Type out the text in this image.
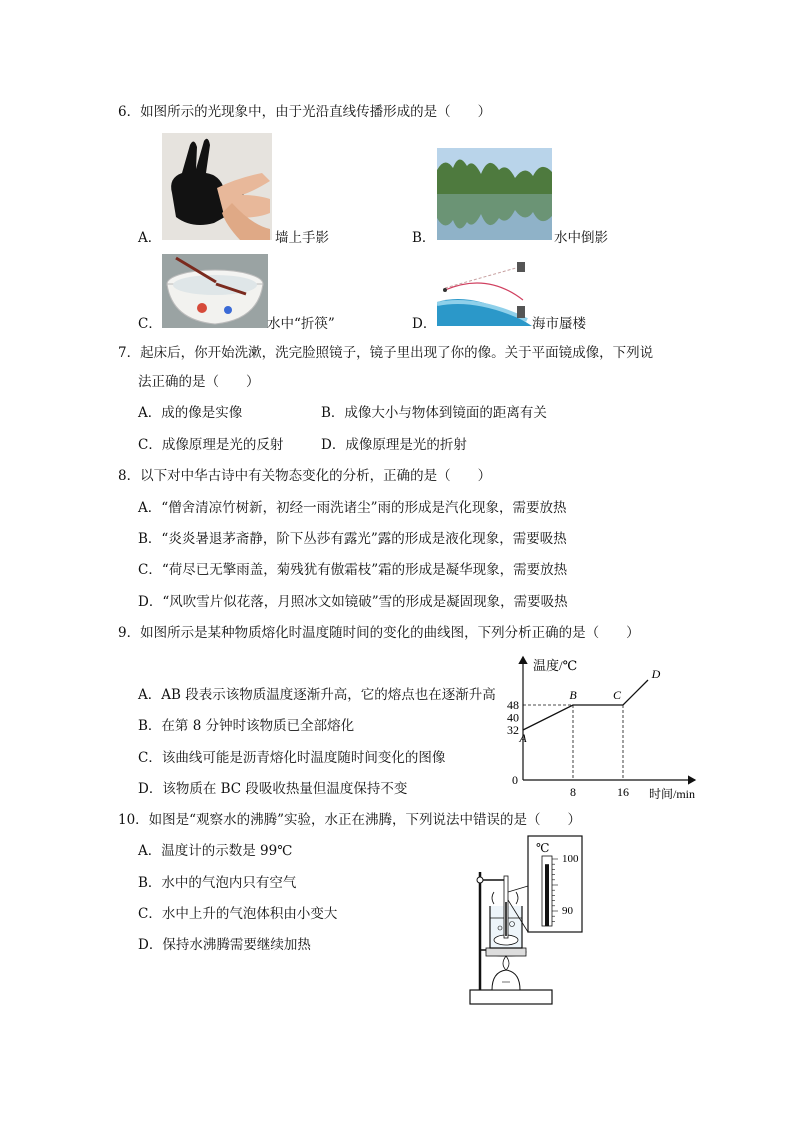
6．如图所示的光现象中，由于光沿直线传播形成的是（　　）
A．	墙上手影	B．	水中倒影
C．	水中“折筷”	D．	海市蜃楼
7．起床后，你开始洗漱，洗完脸照镜子，镜子里出现了你的像。关于平面镜成像，下列说
法正确的是（　　）
A．成的像是实像	B．成像大小与物体到镜面的距离有关
C．成像原理是光的反射	D．成像原理是光的折射
8．以下对中华古诗中有关物态变化的分析，正确的是（　　）
A．“僧舍清凉竹树新，初经一雨洗诸尘”雨的形成是汽化现象，需要放热
B．“炎炎暑退茅斋静，阶下丛莎有露光”露的形成是液化现象，需要吸热
C．“荷尽已无擎雨盖，菊残犹有傲霜枝”霜的形成是凝华现象，需要放热
D．“风吹雪片似花落，月照冰文如镜破”雪的形成是凝固现象，需要吸热
9．如图所示是某种物质熔化时温度随时间的变化的曲线图，下列分析正确的是（　　）
A．AB 段表示该物质温度逐渐升高，它的熔点也在逐渐升高
B．在第 8 分钟时该物质已全部熔化
C．该曲线可能是沥青熔化时温度随时间变化的图像
D．该物质在 BC 段吸收热量但温度保持不变
温度/℃
时间/min
32
40
48
0
8	16
A
B	C
D
10．如图是“观察水的沸腾”实验，水正在沸腾，下列说法中错误的是（　　）
A．温度计的示数是 99℃
B．水中的气泡内只有空气
C．水中上升的气泡体积由小变大
D．保持水沸腾需要继续加热
℃
100
90
